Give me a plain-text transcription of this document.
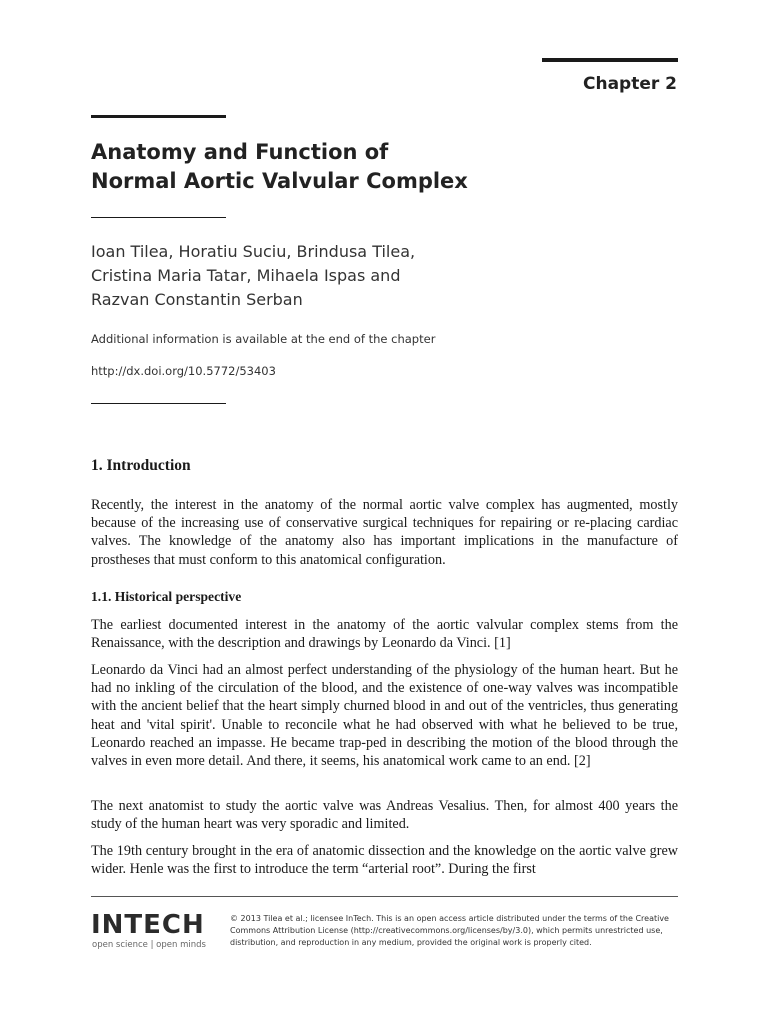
Chapter 2
Anatomy and Function of
Normal Aortic Valvular Complex
Ioan Tilea, Horatiu Suciu, Brindusa Tilea,
Cristina Maria Tatar, Mihaela Ispas and
Razvan Constantin Serban
Additional information is available at the end of the chapter
http://dx.doi.org/10.5772/53403
1. Introduction
Recently, the interest in the anatomy of the normal aortic valve complex has augmented, mostly because of the increasing use of conservative surgical techniques for repairing or re-placing cardiac valves. The knowledge of the anatomy also has important implications in the manufacture of prostheses that must conform to this anatomical configuration.
1.1. Historical perspective
The earliest documented interest in the anatomy of the aortic valvular complex stems from the Renaissance, with the description and drawings by Leonardo da Vinci. [1]
Leonardo da Vinci had an almost perfect understanding of the physiology of the human heart. But he had no inkling of the circulation of the blood, and the existence of one-way valves was incompatible with the ancient belief that the heart simply churned blood in and out of the ventricles, thus generating heat and 'vital spirit'. Unable to reconcile what he had observed with what he believed to be true, Leonardo reached an impasse. He became trap-ped in describing the motion of the blood through the valves in even more detail. And there, it seems, his anatomical work came to an end. [2]
The next anatomist to study the aortic valve was Andreas Vesalius. Then, for almost 400 years the study of the human heart was very sporadic and limited.
The 19th century brought in the era of anatomic dissection and the knowledge on the aortic valve grew wider. Henle was the first to introduce the term “arterial root”. During the first
INTECH
open science | open minds
© 2013 Tilea et al.; licensee InTech. This is an open access article distributed under the terms of the Creative Commons Attribution License (http://creativecommons.org/licenses/by/3.0), which permits unrestricted use, distribution, and reproduction in any medium, provided the original work is properly cited.
